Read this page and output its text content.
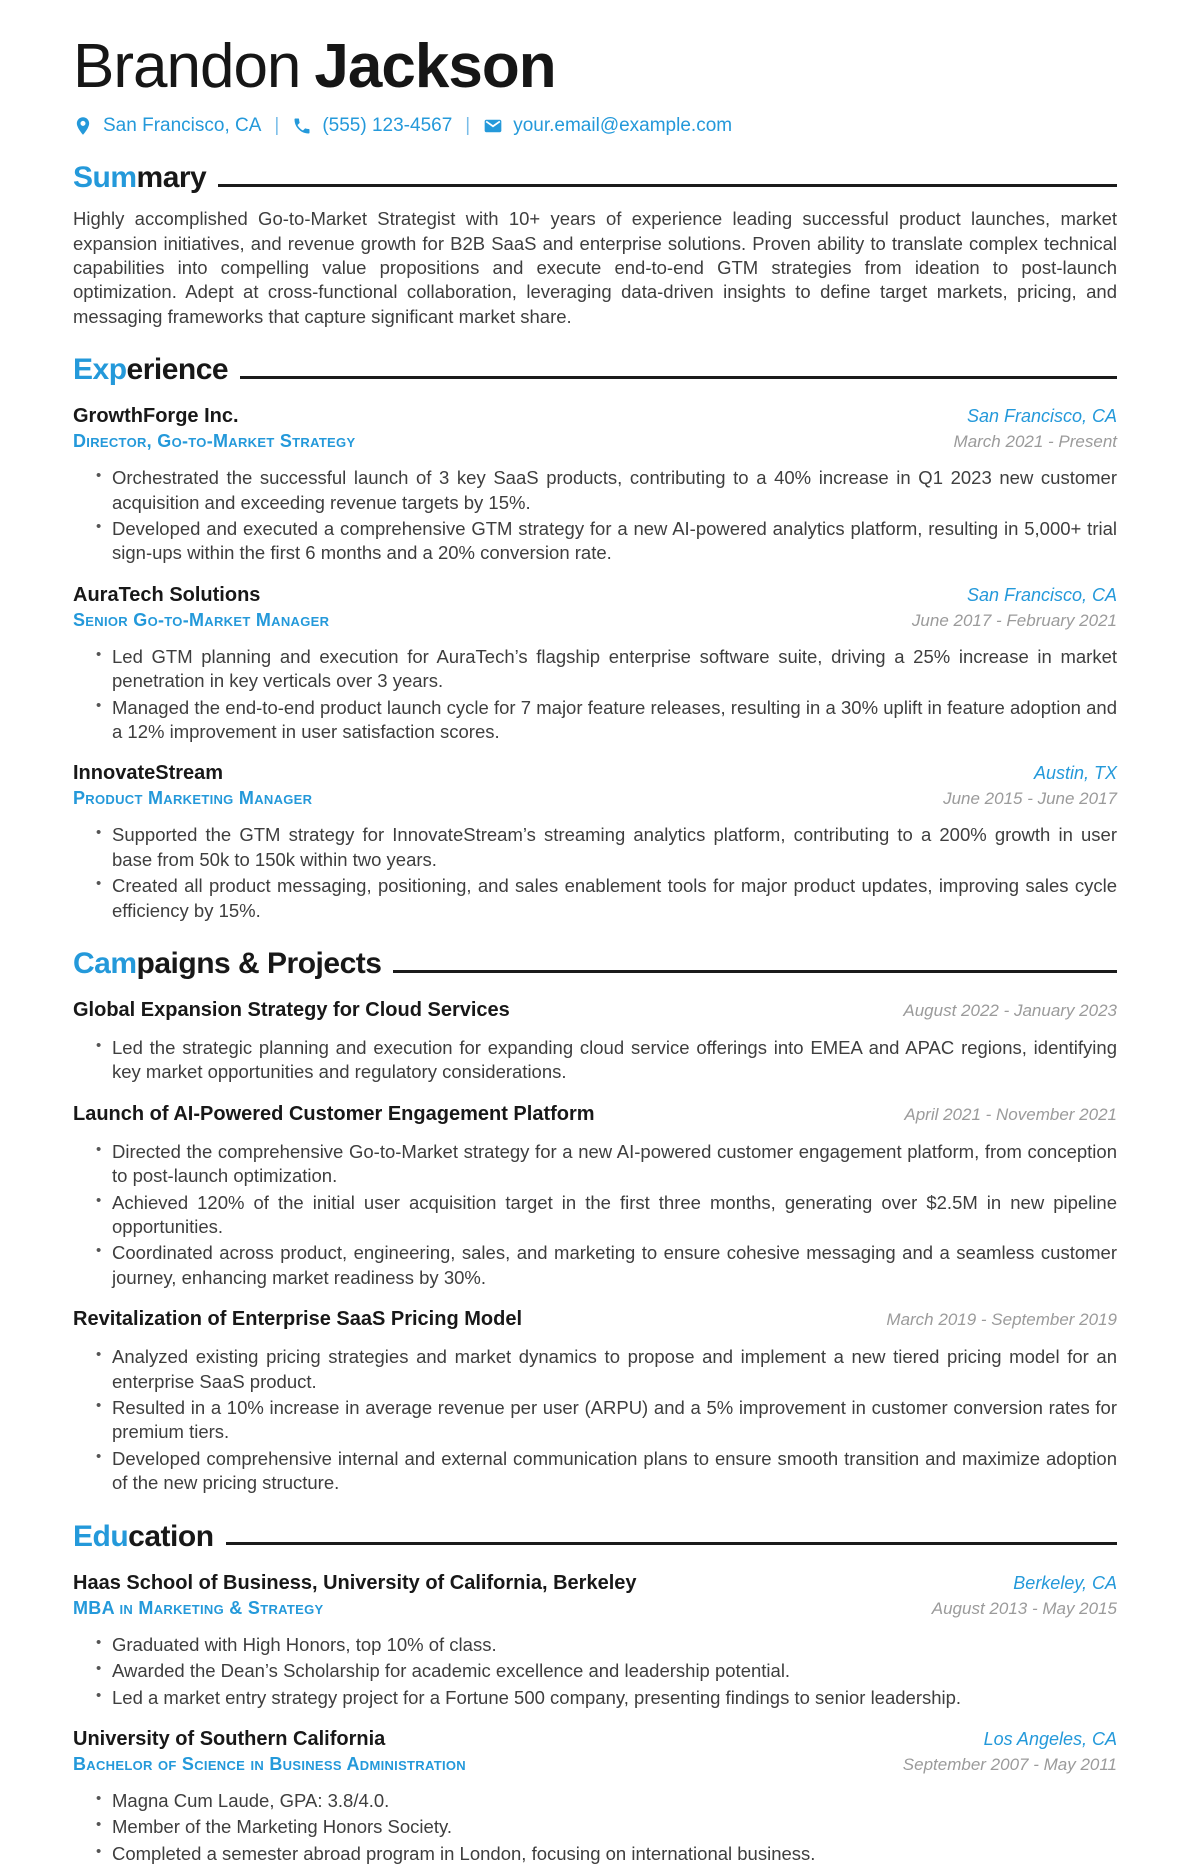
Brandon Jackson
San Francisco, CA | (555) 123-4567 | your.email@example.com
Sum mary

Highly accomplished Go-to-Market Strategist with 10+ years of experience leading successful product launches, market expansion initiatives, and revenue growth for B2B SaaS and enterprise solutions. Proven ability to translate complex technical capabilities into compelling value propositions and execute end-to-end GTM strategies from ideation to post-launch optimization. Adept at cross-functional collaboration, leveraging data-driven insights to define target markets, pricing, and messaging frameworks that capture significant market share.

Exp erience
GrowthForge Inc.	San Francisco, CA
Director, Go-to-Market Strategy	March 2021 - Present
• Orchestrated the successful launch of 3 key SaaS products, contributing to a 40% increase in Q1 2023 new customer acquisition and exceeding revenue targets by 15%.
• Developed and executed a comprehensive GTM strategy for a new AI-powered analytics platform, resulting in 5,000+ trial sign-ups within the first 6 months and a 20% conversion rate.
AuraTech Solutions	San Francisco, CA
Senior Go-to-Market Manager	June 2017 - February 2021
• Led GTM planning and execution for AuraTech’s flagship enterprise software suite, driving a 25% increase in market penetration in key verticals over 3 years.
• Managed the end-to-end product launch cycle for 7 major feature releases, resulting in a 30% uplift in feature adoption and a 12% improvement in user satisfaction scores.
InnovateStream	Austin, TX
Product Marketing Manager	June 2015 - June 2017
• Supported the GTM strategy for InnovateStream’s streaming analytics platform, contributing to a 200% growth in user base from 50k to 150k within two years.
• Created all product messaging, positioning, and sales enablement tools for major product updates, improving sales cycle efficiency by 15%.
Cam paigns & Projects
Global Expansion Strategy for Cloud Services	August 2022 - January 2023
• Led the strategic planning and execution for expanding cloud service offerings into EMEA and APAC regions, identifying key market opportunities and regulatory considerations.
Launch of AI-Powered Customer Engagement Platform	April 2021 - November 2021
• Directed the comprehensive Go-to-Market strategy for a new AI-powered customer engagement platform, from conception to post-launch optimization.
• Achieved 120% of the initial user acquisition target in the first three months, generating over $2.5M in new pipeline opportunities.
• Coordinated across product, engineering, sales, and marketing to ensure cohesive messaging and a seamless customer journey, enhancing market readiness by 30%.
Revitalization of Enterprise SaaS Pricing Model	March 2019 - September 2019
• Analyzed existing pricing strategies and market dynamics to propose and implement a new tiered pricing model for an enterprise SaaS product.
• Resulted in a 10% increase in average revenue per user (ARPU) and a 5% improvement in customer conversion rates for premium tiers.
• Developed comprehensive internal and external communication plans to ensure smooth transition and maximize adoption of the new pricing structure.
Edu cation
Haas School of Business, University of California, Berkeley	Berkeley, CA
MBA in Marketing & Strategy	August 2013 - May 2015
• Graduated with High Honors, top 10% of class.
• Awarded the Dean’s Scholarship for academic excellence and leadership potential.
• Led a market entry strategy project for a Fortune 500 company, presenting findings to senior leadership.
University of Southern California	Los Angeles, CA
Bachelor of Science in Business Administration	September 2007 - May 2011
• Magna Cum Laude, GPA: 3.8/4.0.
• Member of the Marketing Honors Society.
• Completed a semester abroad program in London, focusing on international business.
